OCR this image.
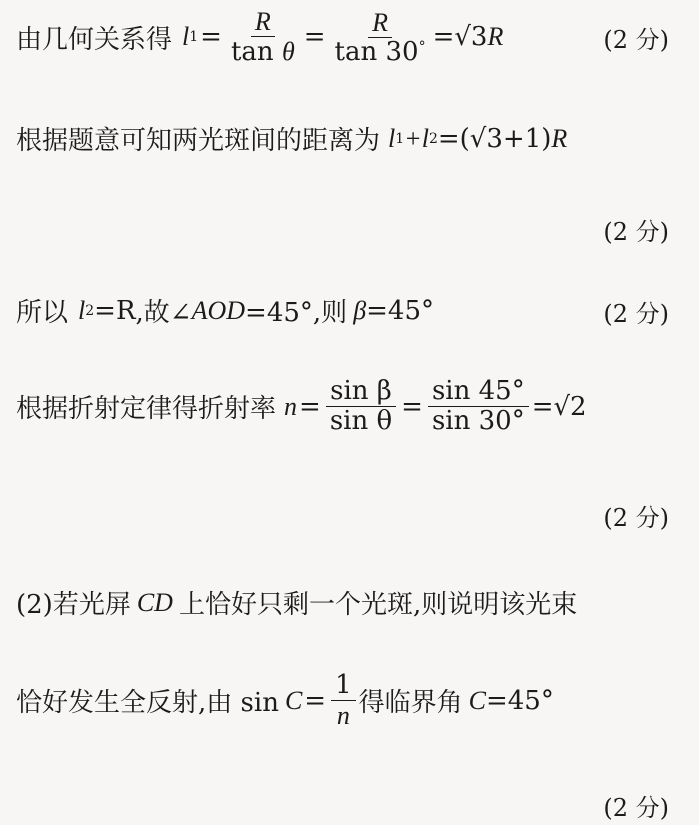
由几何关系得 l $1 = \frac{R}{\text{tan θ}} = \frac{R}{\tan 30^\circ} =√3$ R	(2 分)
根据题意可知两光斑间的距离为 l 1 +l 2 =(√3+1) R
(2 分)
所以 l 2 =R ,故∠ AOD =45°,则 β =45°	(2 分)
根据折射定律得折射率 $n = \frac{\text{sin β}}{\text{sin θ}} = \frac{\sin 45^\circ}{\sin 30^\circ} =√2$
(2 分)
(2)若光屏 CD 上恰好只剩一个光斑,则说明该光束
恰好发生全反射,由 $\sin C = \frac{1}{n}$ 得临界角 C =45°
(2 分)
